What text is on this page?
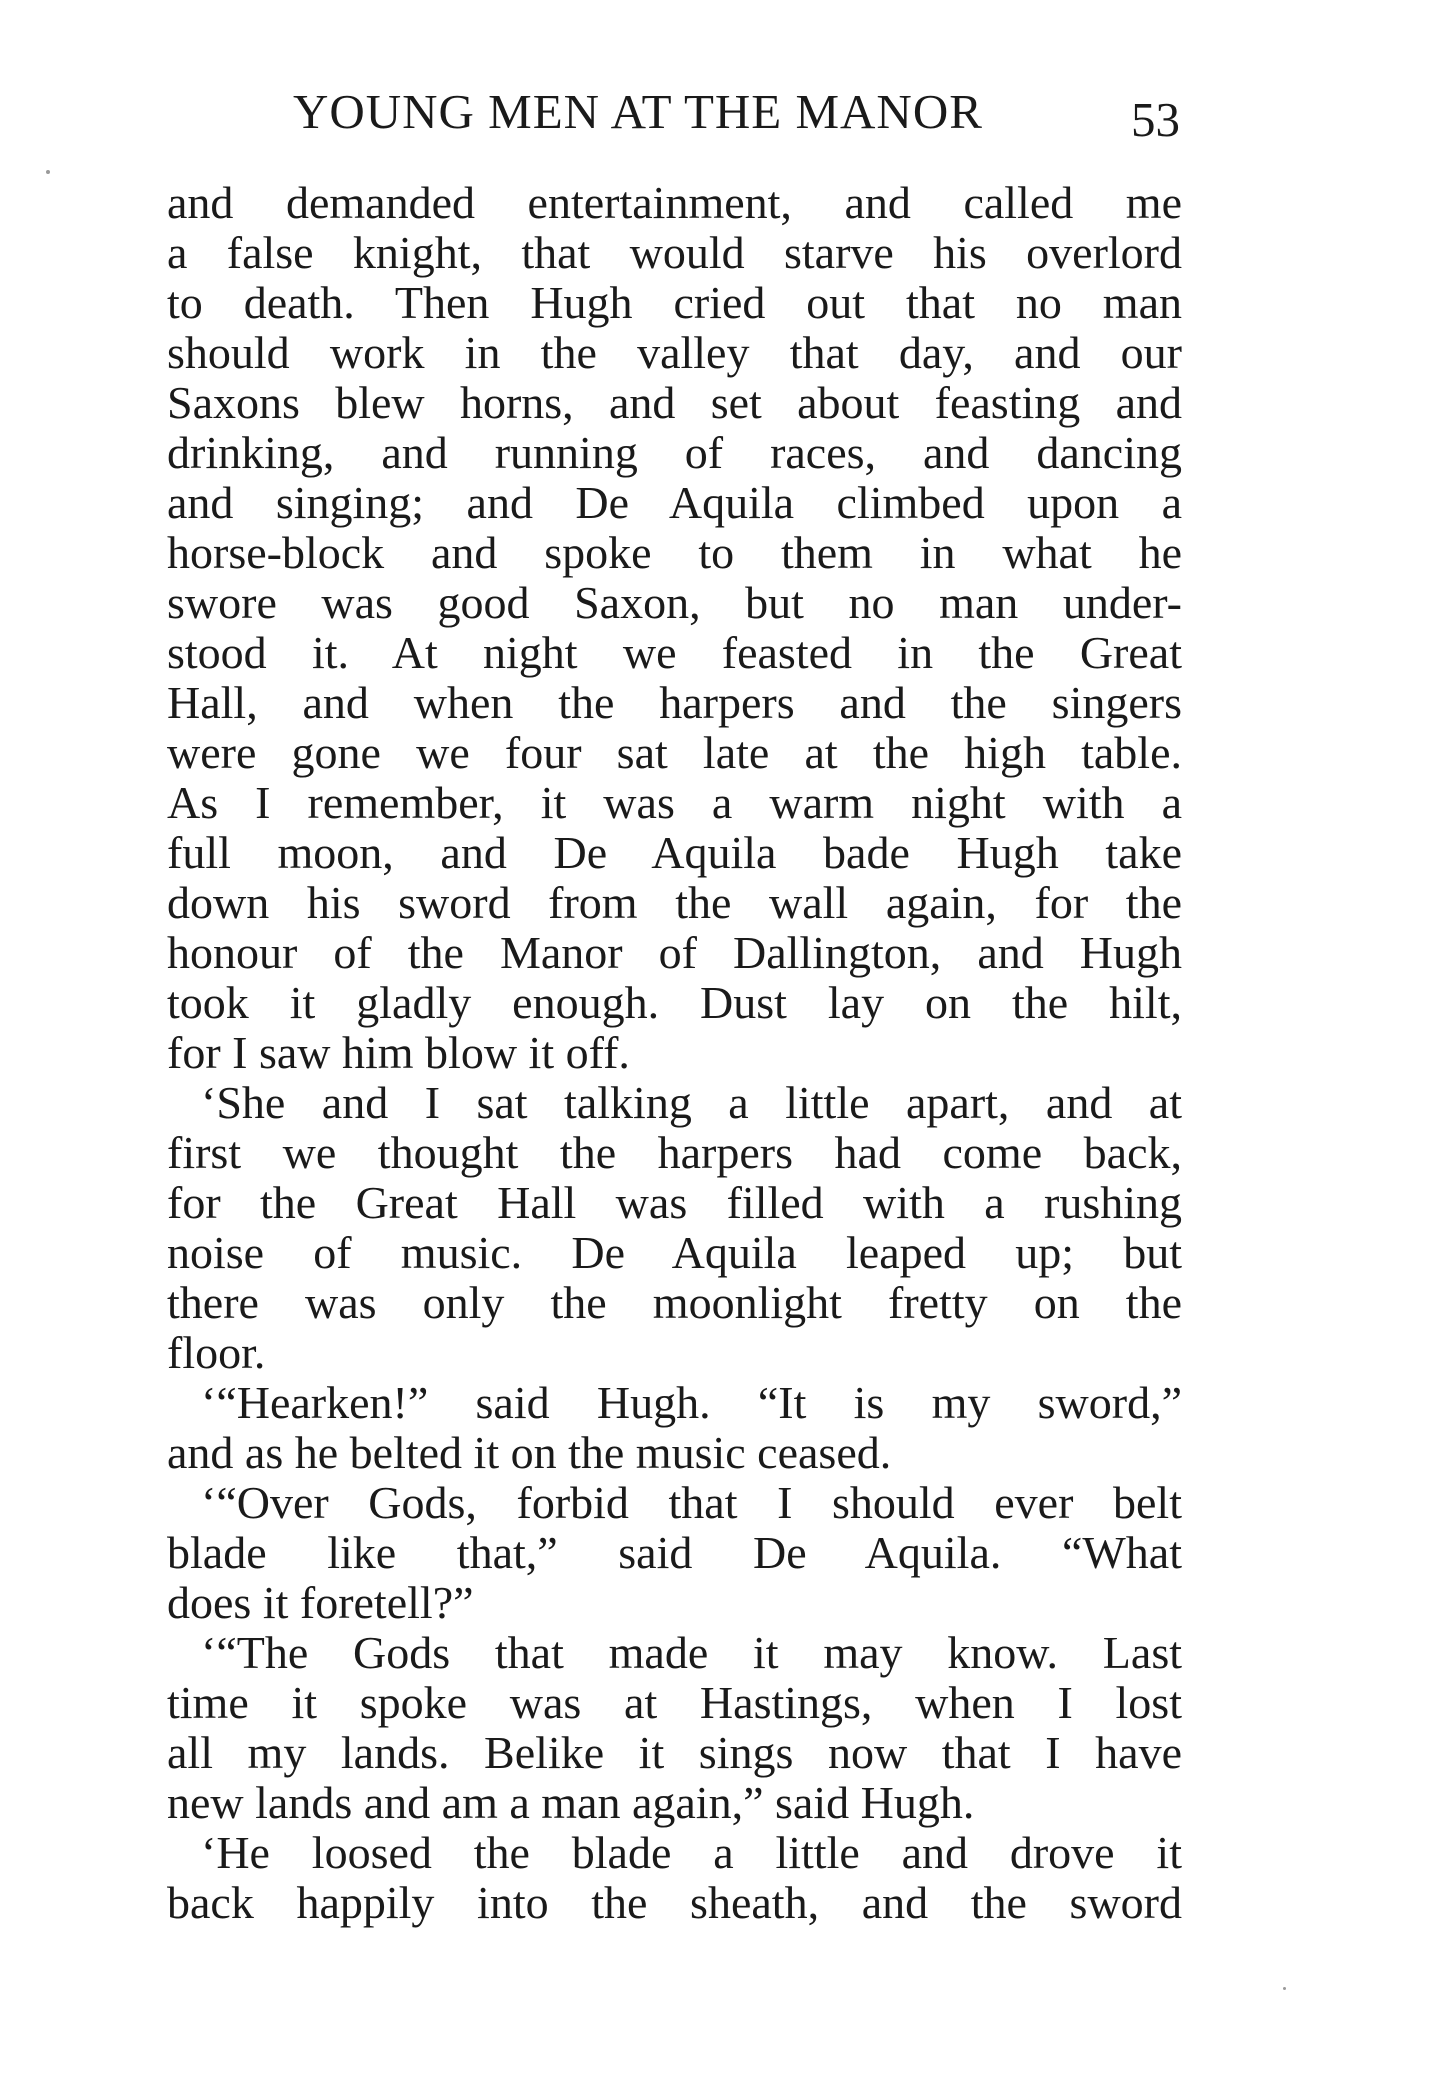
YOUNG MEN AT THE MANOR	53
and demanded entertainment, and called me
a false knight, that would starve his overlord
to death. Then Hugh cried out that no man
should work in the valley that day, and our
Saxons blew horns, and set about feasting and
drinking, and running of races, and dancing
and singing; and De Aquila climbed upon a
horse-block and spoke to them in what he
swore was good Saxon, but no man under-
stood it. At night we feasted in the Great
Hall, and when the harpers and the singers
were gone we four sat late at the high table.
As I remember, it was a warm night with a
full moon, and De Aquila bade Hugh take
down his sword from the wall again, for the
honour of the Manor of Dallington, and Hugh
took it gladly enough. Dust lay on the hilt,
for I saw him blow it off.
‘She and I sat talking a little apart, and at
first we thought the harpers had come back,
for the Great Hall was filled with a rushing
noise of music. De Aquila leaped up; but
there was only the moonlight fretty on the
floor.
‘“Hearken!” said Hugh. “It is my sword,”
and as he belted it on the music ceased.
‘“Over Gods, forbid that I should ever belt
blade like that,” said De Aquila. “What
does it foretell?”
‘“The Gods that made it may know. Last
time it spoke was at Hastings, when I lost
all my lands. Belike it sings now that I have
new lands and am a man again,” said Hugh.
‘He loosed the blade a little and drove it
back happily into the sheath, and the sword
